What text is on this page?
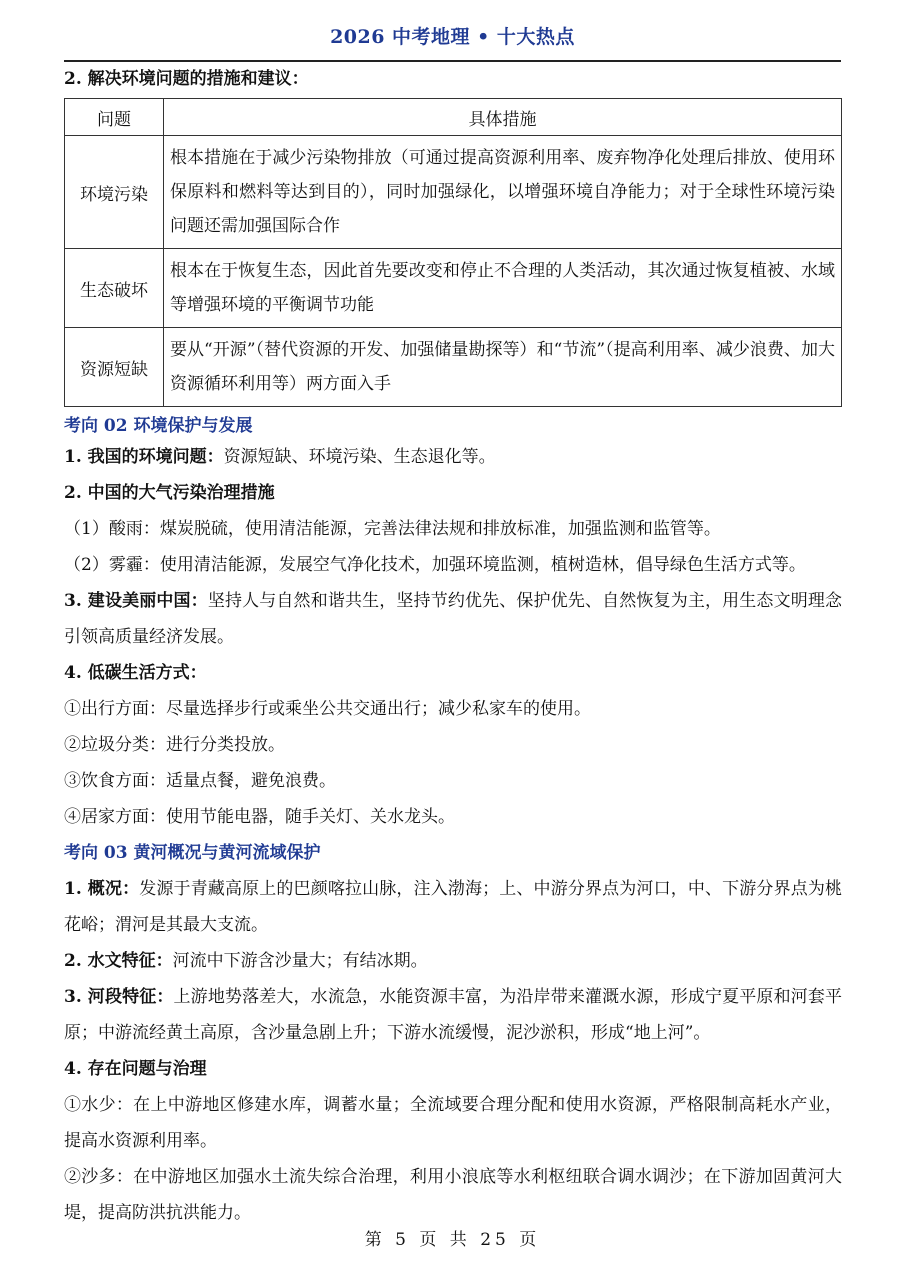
2026 中考地理 • 十大热点
2. 解决环境问题的措施和建议：
问题	具体措施
环境污染	根本措施在于减少污染物排放（可通过提高资源利用率、废弃物净化处理后排放、使用环保原料和燃料等达到目的），同时加强绿化，以增强环境自净能力；对于全球性环境污染问题还需加强国际合作
生态破坏	根本在于恢复生态，因此首先要改变和停止不合理的人类活动，其次通过恢复植被、水域等增强环境的平衡调节功能
资源短缺	要从“开源”（替代资源的开发、加强储量勘探等）和“节流”（提高利用率、减少浪费、加大资源循环利用等）两方面入手
考向 02 环境保护与发展

1. 我国的环境问题：资源短缺、环境污染、生态退化等。

2. 中国的大气污染治理措施

（1）酸雨：煤炭脱硫，使用清洁能源，完善法律法规和排放标准，加强监测和监管等。

（2）雾霾：使用清洁能源，发展空气净化技术，加强环境监测，植树造林，倡导绿色生活方式等。

3. 建设美丽中国：坚持人与自然和谐共生，坚持节约优先、保护优先、自然恢复为主，用生态文明理念引领高质量经济发展。

4. 低碳生活方式：

①出行方面：尽量选择步行或乘坐公共交通出行；减少私家车的使用。

②垃圾分类：进行分类投放。

③饮食方面：适量点餐，避免浪费。

④居家方面：使用节能电器，随手关灯、关水龙头。

考向 03 黄河概况与黄河流域保护

1. 概况：发源于青藏高原上的巴颜喀拉山脉，注入渤海；上、中游分界点为河口，中、下游分界点为桃花峪；渭河是其最大支流。

2. 水文特征：河流中下游含沙量大；有结冰期。

3. 河段特征：上游地势落差大，水流急，水能资源丰富，为沿岸带来灌溉水源，形成宁夏平原和河套平原；中游流经黄土高原，含沙量急剧上升；下游水流缓慢，泥沙淤积，形成“地上河”。

4. 存在问题与治理

①水少：在上中游地区修建水库，调蓄水量；全流域要合理分配和使用水资源，严格限制高耗水产业，提高水资源利用率。

②沙多：在中游地区加强水土流失综合治理，利用小浪底等水利枢纽联合调水调沙；在下游加固黄河大堤，提高防洪抗洪能力。

第 5 页 共 25 页
